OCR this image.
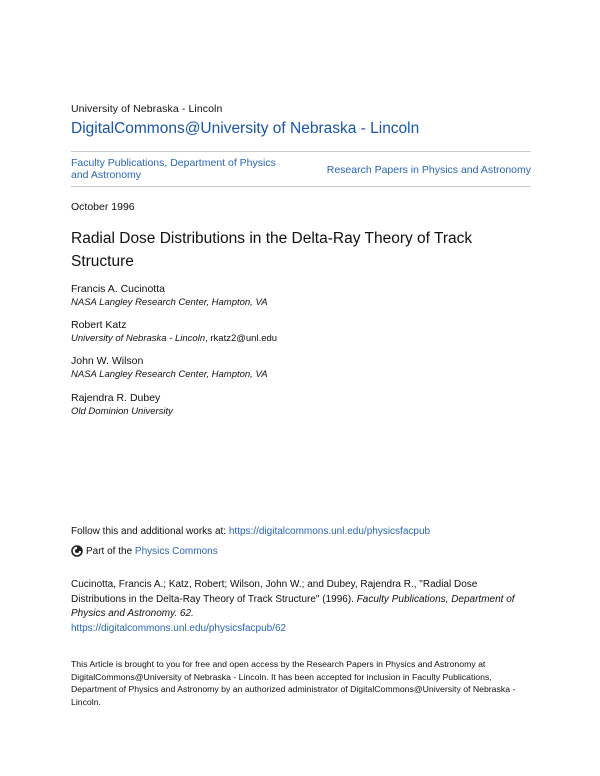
University of Nebraska - Lincoln
DigitalCommons@University of Nebraska - Lincoln
Faculty Publications, Department of Physics and Astronomy	Research Papers in Physics and Astronomy
October 1996
Radial Dose Distributions in the Delta-Ray Theory of Track Structure
Francis A. Cucinotta
NASA Langley Research Center, Hampton, VA
Robert Katz
University of Nebraska - Lincoln, rkatz2@unl.edu
John W. Wilson
NASA Langley Research Center, Hampton, VA
Rajendra R. Dubey
Old Dominion University
Follow this and additional works at: https://digitalcommons.unl.edu/physicsfacpub
Part of the
Physics Commons
Cucinotta, Francis A.; Katz, Robert; Wilson, John W.; and Dubey, Rajendra R., "Radial Dose Distributions in the Delta-Ray Theory of Track Structure" (1996). Faculty Publications, Department of Physics and Astronomy. 62.
https://digitalcommons.unl.edu/physicsfacpub/62
This Article is brought to you for free and open access by the Research Papers in Physics and Astronomy at DigitalCommons@University of Nebraska - Lincoln. It has been accepted for inclusion in Faculty Publications, Department of Physics and Astronomy by an authorized administrator of DigitalCommons@University of Nebraska - Lincoln.
